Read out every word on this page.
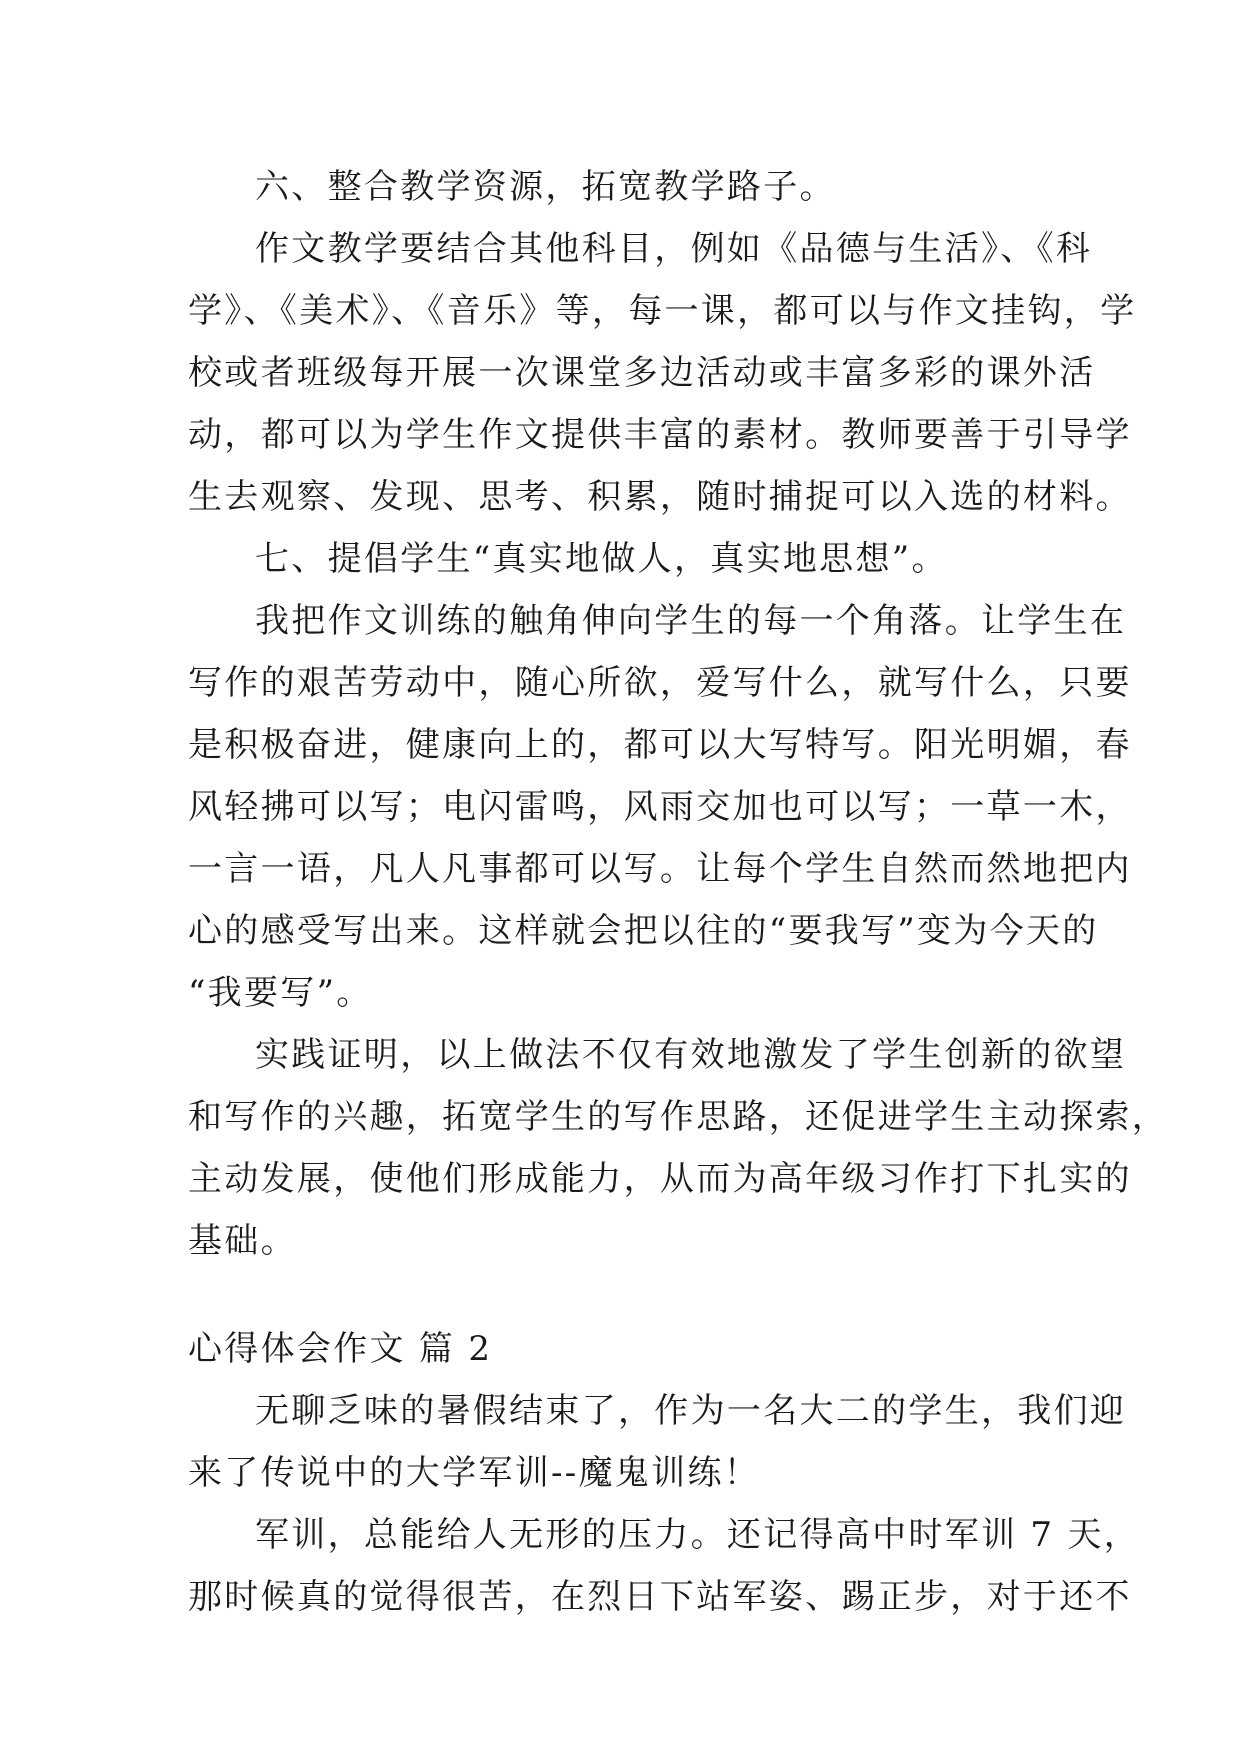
六、整合教学资源，拓宽教学路子。
作文教学要结合其他科目，例如《品德与生活》、《科
学》、《美术》、《音乐》等，每一课，都可以与作文挂钩，学
校或者班级每开展一次课堂多边活动或丰富多彩的课外活
动，都可以为学生作文提供丰富的素材。教师要善于引导学
生去观察、发现、思考、积累，随时捕捉可以入选的材料。
七、提倡学生“真实地做人，真实地思想”。
我把作文训练的触角伸向学生的每一个角落。让学生在
写作的艰苦劳动中，随心所欲，爱写什么，就写什么，只要
是积极奋进，健康向上的，都可以大写特写。阳光明媚，春
风轻拂可以写；电闪雷鸣，风雨交加也可以写；一草一木，
一言一语，凡人凡事都可以写。让每个学生自然而然地把内
心的感受写出来。这样就会把以往的“要我写”变为今天的
“我要写”。
实践证明，以上做法不仅有效地激发了学生创新的欲望
和写作的兴趣，拓宽学生的写作思路，还促进学生主动探索，
主动发展，使他们形成能力，从而为高年级习作打下扎实的
基础。
心得体会作文 篇 2
无聊乏味的暑假结束了，作为一名大二的学生，我们迎
来了传说中的大学军训--魔鬼训练！
军训，总能给人无形的压力。还记得高中时军训 7 天，
那时候真的觉得很苦，在烈日下站军姿、踢正步，对于还不
